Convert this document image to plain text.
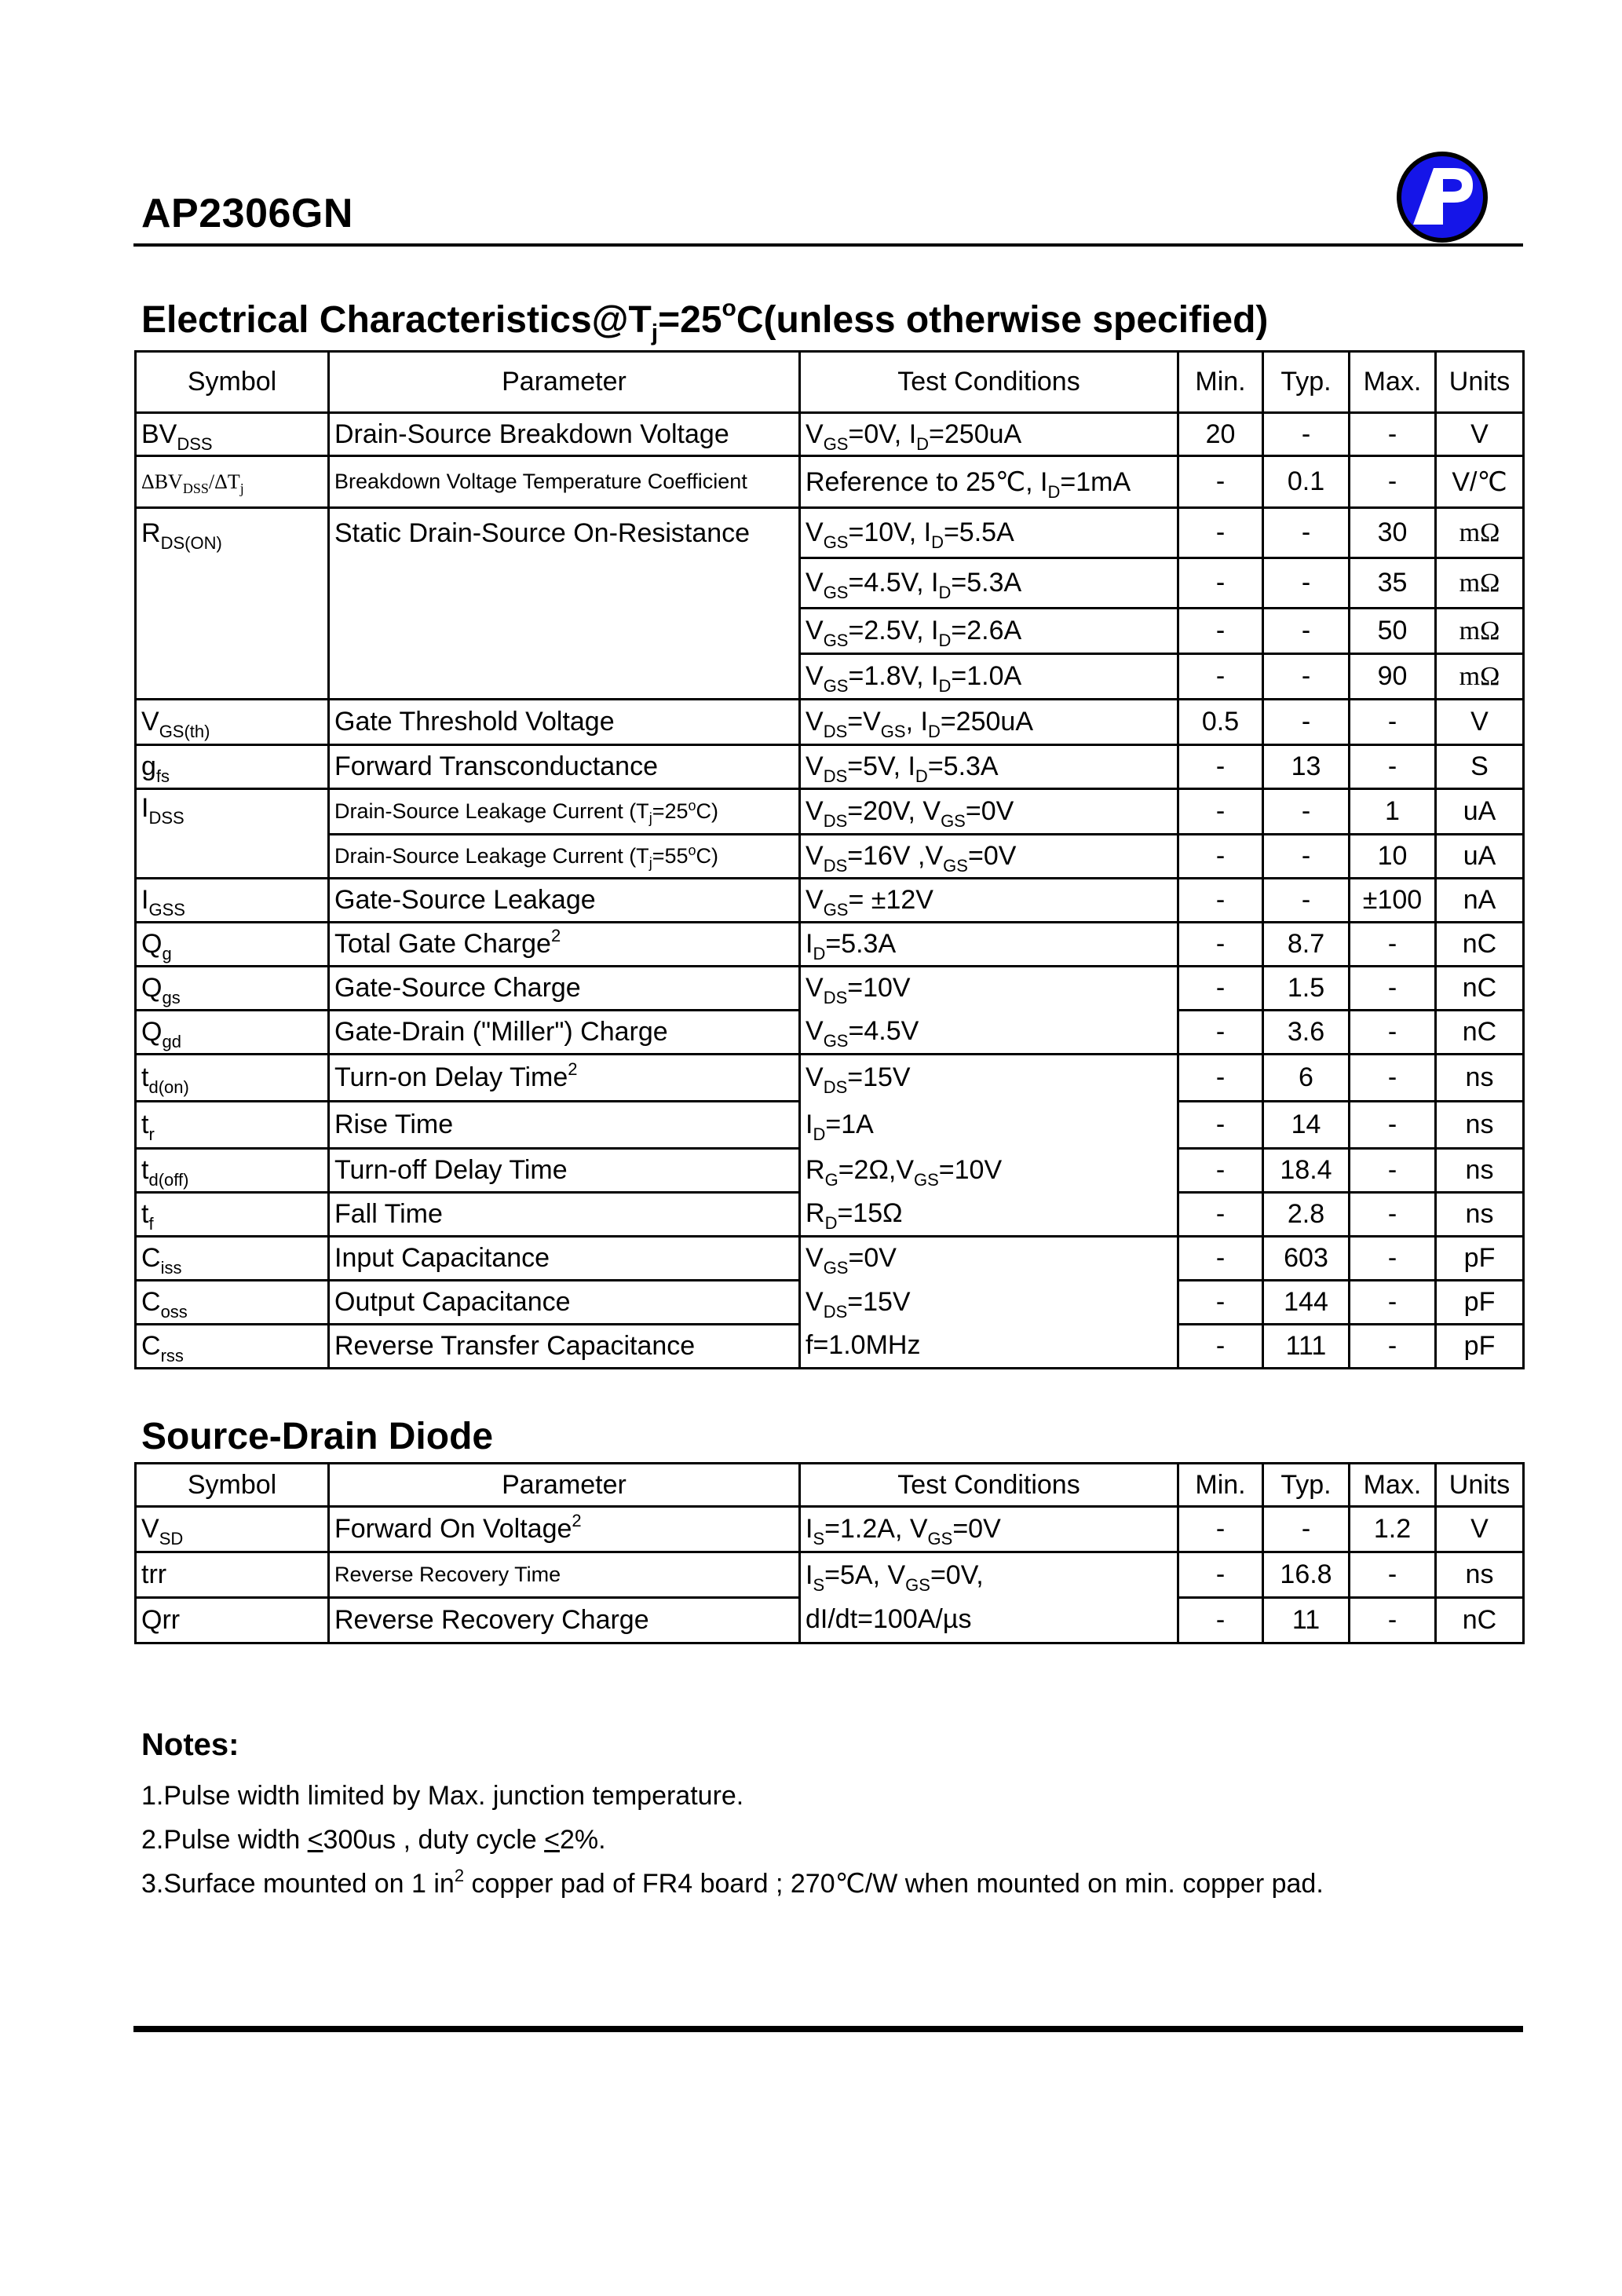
AP2306GN
Electrical $Characteristics@T_j=25^oC(unless$ otherwise specified)
Symbol	Parameter	Test Conditions	Min.	Typ.	Max.	Units
$BV_{DSS}$	Drain-Source Breakdown Voltage	$V_{GS}=0V$, $I_D=250uA$	20	-	-	V
$\Delta BV_{DSS}/\Delta T_j$	Breakdown Voltage Temperature Coefficient	Reference to 25℃, $I_D=1mA$	-	0.1	-	V/℃
$R_{DS(ON)}$	Static Drain-Source On-Resistance	$V_{GS}=10V$, $I_D=5.5A$	-	-	30	mΩ
		$V_{GS}=4.5V$, $I_D=5.3A$	-	-	35	mΩ
		$V_{GS}=2.5V$, $I_D=2.6A$	-	-	50	mΩ
		$V_{GS}=1.8V$, $I_D=1.0A$	-	-	90	mΩ
$V_{GS(th)}$	Gate Threshold Voltage	$V_{DS}=V_{GS}$, $I_D=250uA$	0.5	-	-	V
$g_{fs}$	Forward Transconductance	$V_{DS}=5V$, $I_D=5.3A$	-	13	-	S
$I_{DSS}$	Drain-Source Leakage Current $(T_j=25^oC)$	$V_{DS}=20V$, $V_{GS}=0V$	-	-	1	uA
	Drain-Source Leakage Current $(T_j=55^oC)$	$V_{DS}=16V$ $,V_{GS}=0V$	-	-	10	uA
$I_{GSS}$	Gate-Source Leakage	$V_{GS}= \pm 12V$	-	-	±100	nA
$Q_g$	Total Gate Charge$^2$	$I_D=5.3A$	-	8.7	-	nC
$Q_{gs}$	Gate-Source Charge	$V_{DS}=10V$	-	1.5	-	nC
$Q_{gd}$	Gate-Drain ("Miller") Charge	$V_{GS}=4.5V$	-	3.6	-	nC
$t_{d(on)}$	Turn-on Delay Time$^2$	$V_{DS}=15V$	-	6	-	ns
$t_r$	Rise Time	$I_D=1A$	-	14	-	ns
$t_{d(off)}$	Turn-off Delay Time	$R_G=2\Omega,V_{GS}=10V$	-	18.4	-	ns
$t_f$	Fall Time	$R_D=15\Omega$	-	2.8	-	ns
$C_{iss}$	Input Capacitance	$V_{GS}=0V$	-	603	-	pF
$C_{oss}$	Output Capacitance	$V_{DS}=15V$	-	144	-	pF
$C_{rss}$	Reverse Transfer Capacitance	f=1.0MHz	-	111	-	pF
Source-Drain Diode
Symbol	Parameter	Test Conditions	Min.	Typ.	Max.	Units
$V_{SD}$	Forward On Voltage$^2$	$I_S=1.2A$, $V_{GS}=0V$	-	-	1.2	V
trr	Reverse Recovery Time	$I_S=5A$, $V_{GS}=0V$,	-	16.8	-	ns
Qrr	Reverse Recovery Charge	dI/dt=100A/µs	-	11	-	nC
Notes:
1.Pulse width limited by Max. junction temperature.
2.Pulse width <300us , duty cycle <2%.
3.Surface mounted on 1 $in^2$ copper pad of FR4 board ; 270℃/W when mounted on min. copper pad.
